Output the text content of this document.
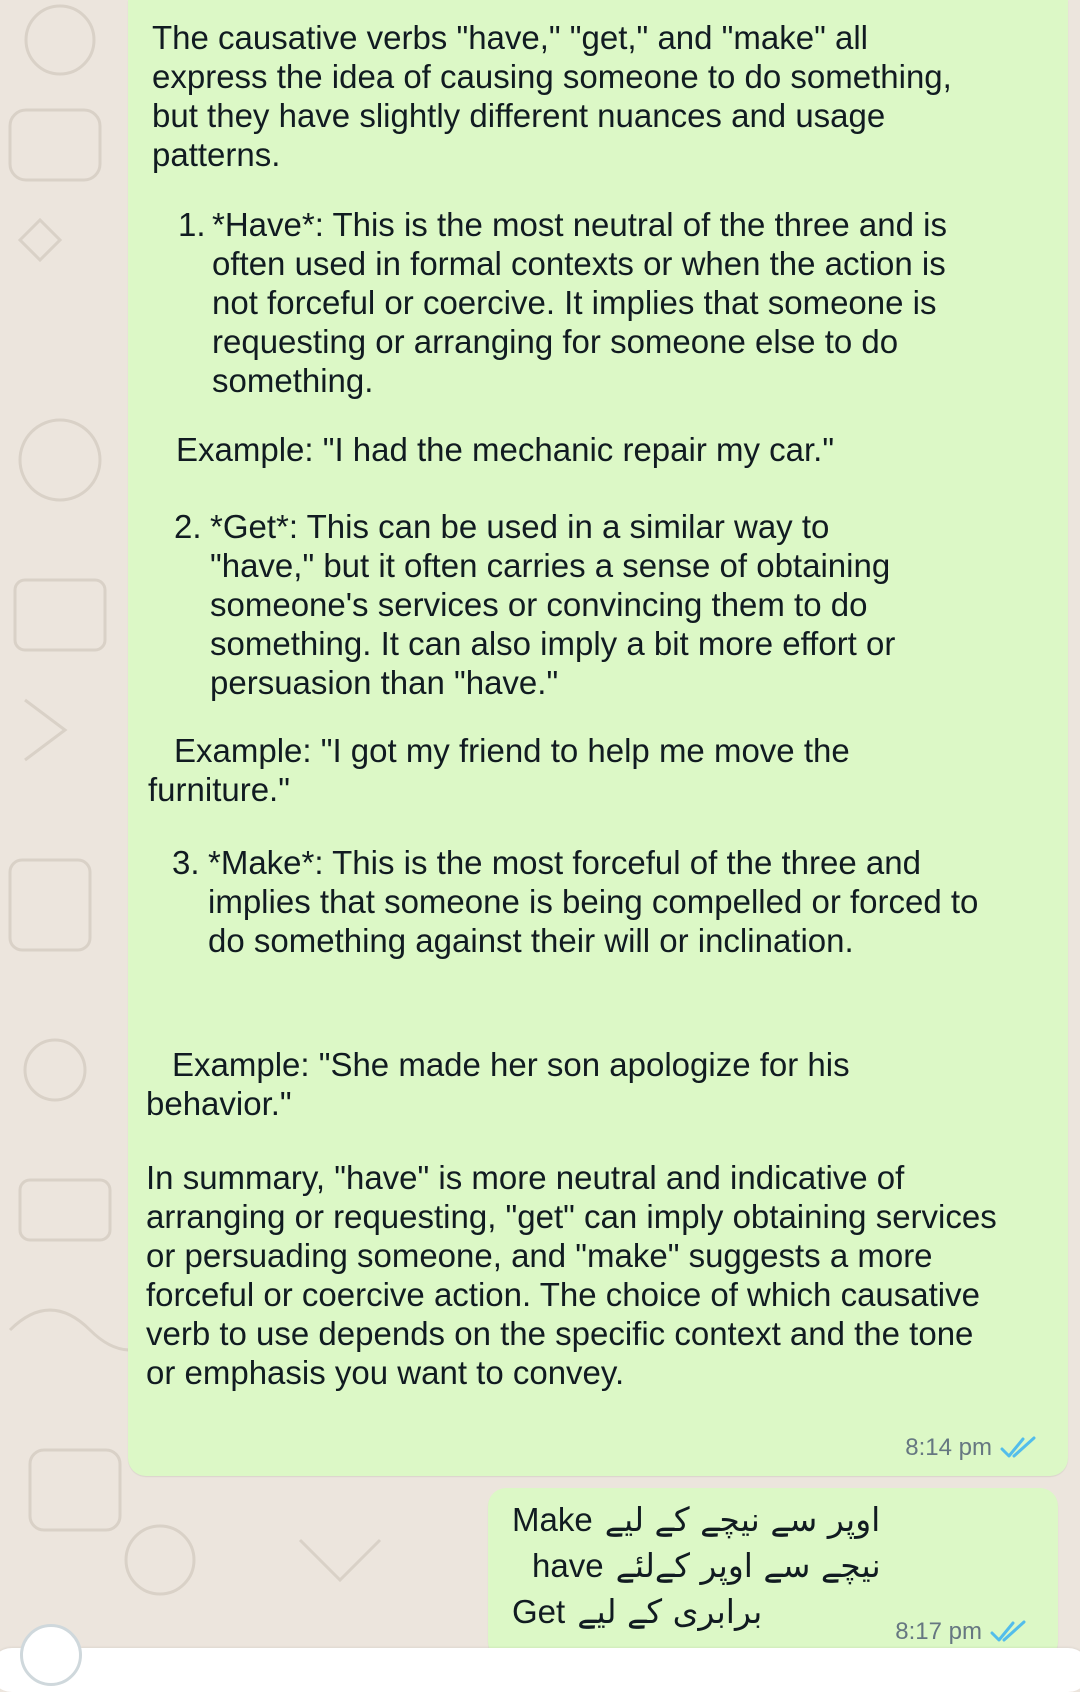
The causative verbs "have," "get," and "make" all express the idea of causing someone to do something, but they have slightly different nuances and usage patterns.

1. *Have*: This is the most neutral of the three and is often used in formal contexts or when the action is not forceful or coercive. It implies that someone is requesting or arranging for someone else to do something.

Example: "I had the mechanic repair my car."

2. *Get*: This can be used in a similar way to "have," but it often carries a sense of obtaining someone's services or convincing them to do something. It can also imply a bit more effort or persuasion than "have."

Example: "I got my friend to help me move the furniture."

3. *Make*: This is the most forceful of the three and implies that someone is being compelled or forced to do something against their will or inclination.

Example: "She made her son apologize for his behavior."

In summary, "have" is more neutral and indicative of arranging or requesting, "get" can imply obtaining services or persuading someone, and "make" suggests a more forceful or coercive action. The choice of which causative verb to use depends on the specific context and the tone or emphasis you want to convey.

8:14 pm
Make اوپر سے نیچے کے لیے
have نیچے سے اوپر کےلئے
Get برابری کے لیے
8:17 pm
